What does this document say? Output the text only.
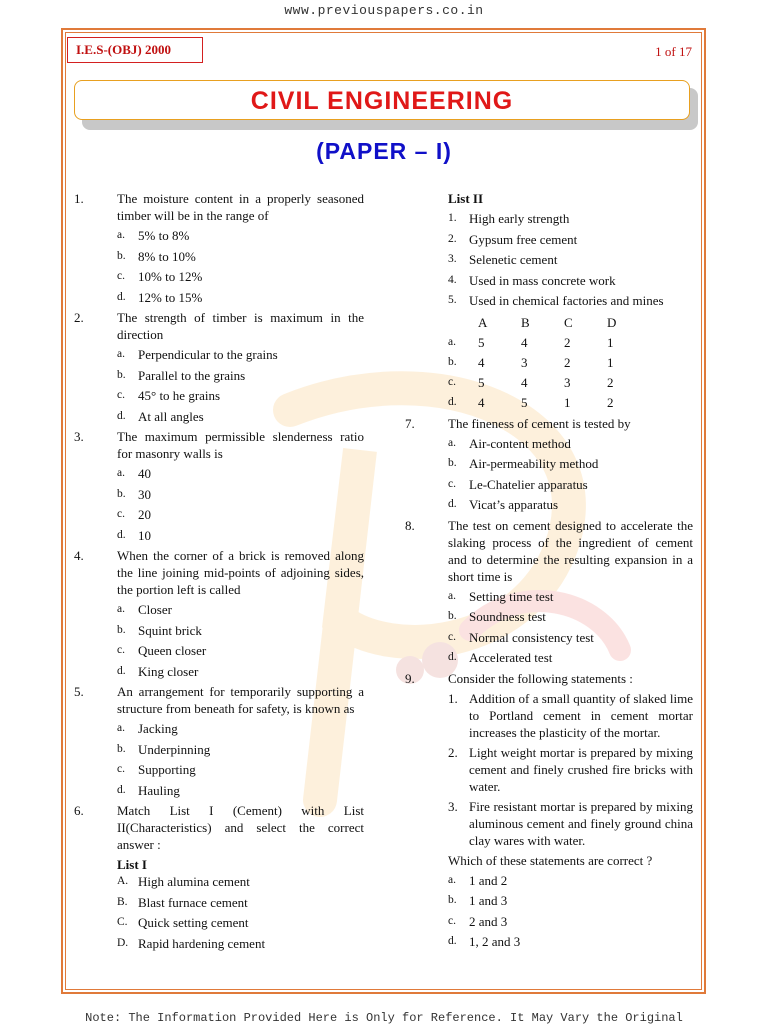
www.previouspapers.co.in
I.E.S-(OBJ) 2000	1 of 17
CIVIL ENGINEERING
(PAPER – I)
1.	The moisture content in a properly seasoned timber will be in the range of
a. 5% to 8%
b. 8% to 10%
c. 10% to 12%
d. 12% to 15%
2.	The strength of timber is maximum in the direction
a. Perpendicular to the grains
b. Parallel to the grains
c. 45° to he grains
d. At all angles
3.	The maximum permissible slenderness ratio for masonry walls is
a. 40
b. 30
c. 20
d. 10
4.	When the corner of a brick is removed along the line joining mid-points of adjoining sides, the portion left is called
a. Closer
b. Squint brick
c. Queen closer
d. King closer
5.	An arrangement for temporarily supporting a structure from beneath for safety, is known as
a. Jacking
b. Underpinning
c. Supporting
d. Hauling
6.	Match List I (Cement) with List II(Characteristics) and select the correct answer :
List I
A. High alumina cement
B. Blast furnace cement
C. Quick setting cement
D. Rapid hardening cement
List II
1. High early strength
2. Gypsum free cement
3. Selenetic cement
4. Used in mass concrete work
5. Used in chemical factories and mines
	A	B	C	D
a.	5	4	2	1
b.	4	3	2	1
c.	5	4	3	2
d.	4	5	1	2
7.	The fineness of cement is tested by
a. Air-content method
b. Air-permeability method
c. Le-Chatelier apparatus
d. Vicat’s apparatus
8.	The test on cement designed to accelerate the slaking process of the ingredient of cement and to determine the resulting expansion in a short time is
a. Setting time test
b. Soundness test
c. Normal consistency test
d. Accelerated test
9.	Consider the following statements :
1. Addition of a small quantity of slaked lime to Portland cement in cement mortar increases the plasticity of the mortar.
2. Light weight mortar is prepared by mixing cement and finely crushed fire bricks with water.
3. Fire resistant mortar is prepared by mixing aluminous cement and finely ground china clay wares with water.
Which of these statements are correct ?
a. 1 and 2
b. 1 and 3
c. 2 and 3
d. 1, 2 and 3
Note: The Information Provided Here is Only for Reference. It May Vary the Original
